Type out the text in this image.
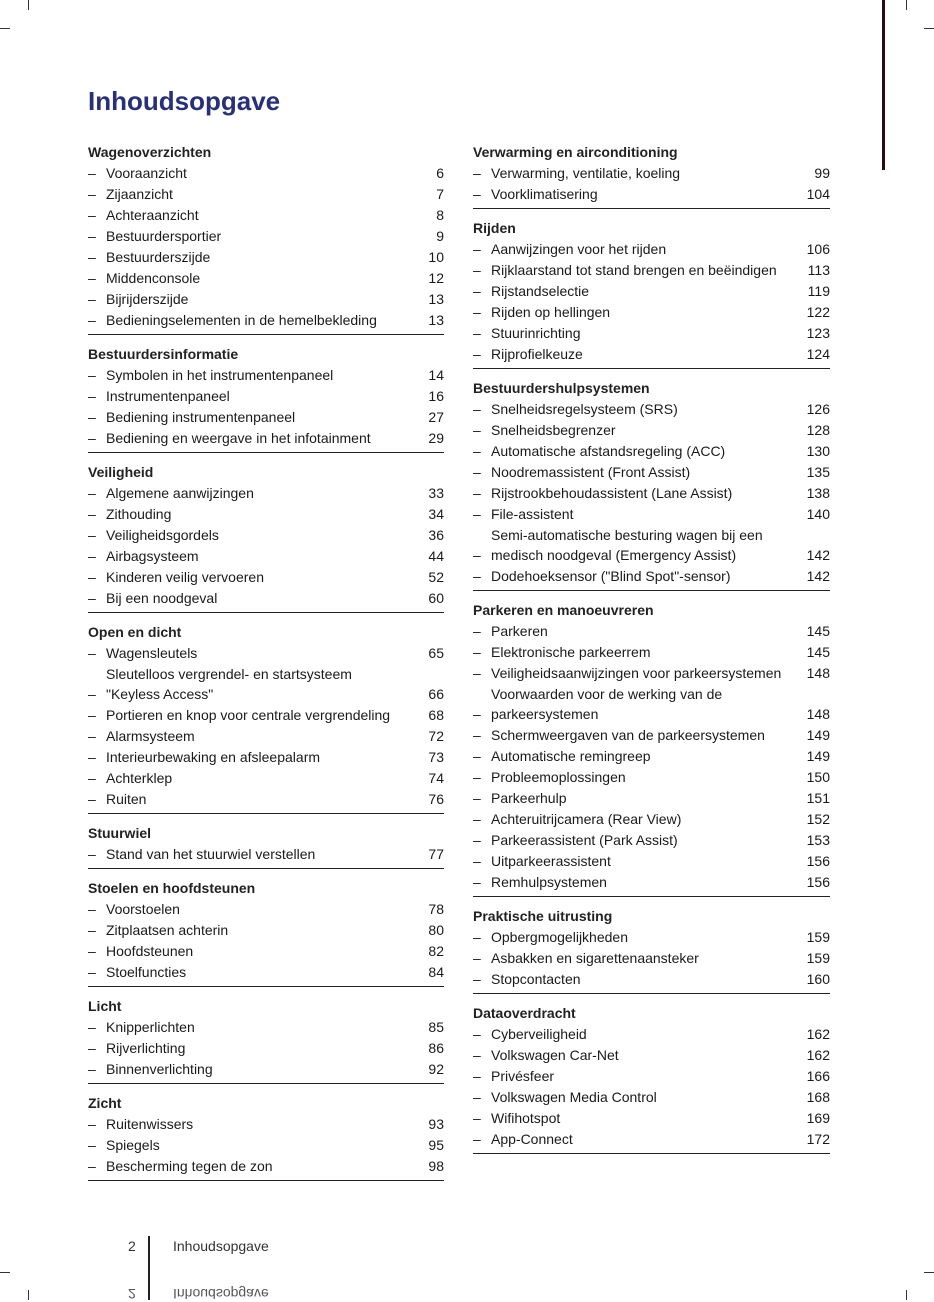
Inhoudsopgave
Wagenoverzichten
– Vooraanzicht	6
– Zijaanzicht	7
– Achteraanzicht	8
– Bestuurdersportier	9
– Bestuurderszijde	10
– Middenconsole	12
– Bijrijderszijde	13
– Bedieningselementen in de hemelbekleding	13
Bestuurdersinformatie
– Symbolen in het instrumentenpaneel	14
– Instrumentenpaneel	16
– Bediening instrumentenpaneel	27
– Bediening en weergave in het infotainment	29
Veiligheid
– Algemene aanwijzingen	33
– Zithouding	34
– Veiligheidsgordels	36
– Airbagsysteem	44
– Kinderen veilig vervoeren	52
– Bij een noodgeval	60
Open en dicht
– Wagensleutels	65
–
Sleutelloos vergrendel- en startsysteem "Keyless Access"	66
– Portieren en knop voor centrale vergrendeling	68
– Alarmsysteem	72
– Interieurbewaking en afsleepalarm	73
– Achterklep	74
– Ruiten	76
Stuurwiel
– Stand van het stuurwiel verstellen	77
Stoelen en hoofdsteunen
– Voorstoelen	78
– Zitplaatsen achterin	80
– Hoofdsteunen	82
– Stoelfuncties	84
Licht
– Knipperlichten	85
– Rijverlichting	86
– Binnenverlichting	92
Zicht
– Ruitenwissers	93
– Spiegels	95
– Bescherming tegen de zon	98
Verwarming en airconditioning
– Verwarming, ventilatie, koeling	99
– Voorklimatisering	104
Rijden
– Aanwijzingen voor het rijden	106
– Rijklaarstand tot stand brengen en beëindigen	113
– Rijstandselectie	119
– Rijden op hellingen	122
– Stuurinrichting	123
– Rijprofielkeuze	124
Bestuurdershulpsystemen
– Snelheidsregelsysteem (SRS)	126
– Snelheidsbegrenzer	128
– Automatische afstandsregeling (ACC)	130
– Noodremassistent (Front Assist)	135
– Rijstrookbehoudassistent (Lane Assist)	138
– File-assistent	140
–
Semi-automatische besturing wagen bij een medisch noodgeval (Emergency Assist)	142
– Dodehoeksensor ("Blind Spot"-sensor)	142
Parkeren en manoeuvreren
– Parkeren	145
– Elektronische parkeerrem	145
– Veiligheidsaanwijzingen voor parkeersystemen	148
–
Voorwaarden voor de werking van de parkeersystemen	148
– Schermweergaven van de parkeersystemen	149
– Automatische remingreep	149
– Probleemoplossingen	150
– Parkeerhulp	151
– Achteruitrijcamera (Rear View)	152
– Parkeerassistent (Park Assist)	153
– Uitparkeerassistent	156
– Remhulpsystemen	156
Praktische uitrusting
– Opbergmogelijkheden	159
– Asbakken en sigarettenaansteker	159
– Stopcontacten	160
Dataoverdracht
– Cyberveiligheid	162
– Volkswagen Car-Net	162
– Privésfeer	166
– Volkswagen Media Control	168
– Wifihotspot	169
– App-Connect	172
2	Inhoudsopgave
2	Inhoudsopgave
